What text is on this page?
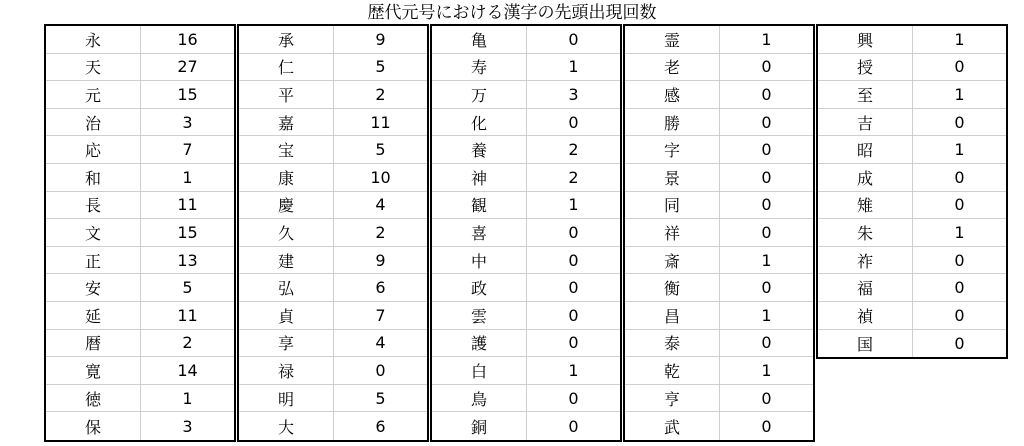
歴代元号における漢字の先頭出現回数
永	16
天	27
元	15
治	3
応	7
和	1
長	11
文	15
正	13
安	5
延	11
暦	2
寛	14
徳	1
保	3
承	9
仁	5
平	2
嘉	11
宝	5
康	10
慶	4
久	2
建	9
弘	6
貞	7
享	4
禄	0
明	5
大	6
亀	0
寿	1
万	3
化	0
養	2
神	2
観	1
喜	0
中	0
政	0
雲	0
護	0
白	1
鳥	0
銅	0
霊	1
老	0
感	0
勝	0
字	0
景	0
同	0
祥	0
斎	1
衡	0
昌	1
泰	0
乾	1
亨	0
武	0
興	1
授	0
至	1
吉	0
昭	1
成	0
雉	0
朱	1
祚	0
福	0
禎	0
国	0
